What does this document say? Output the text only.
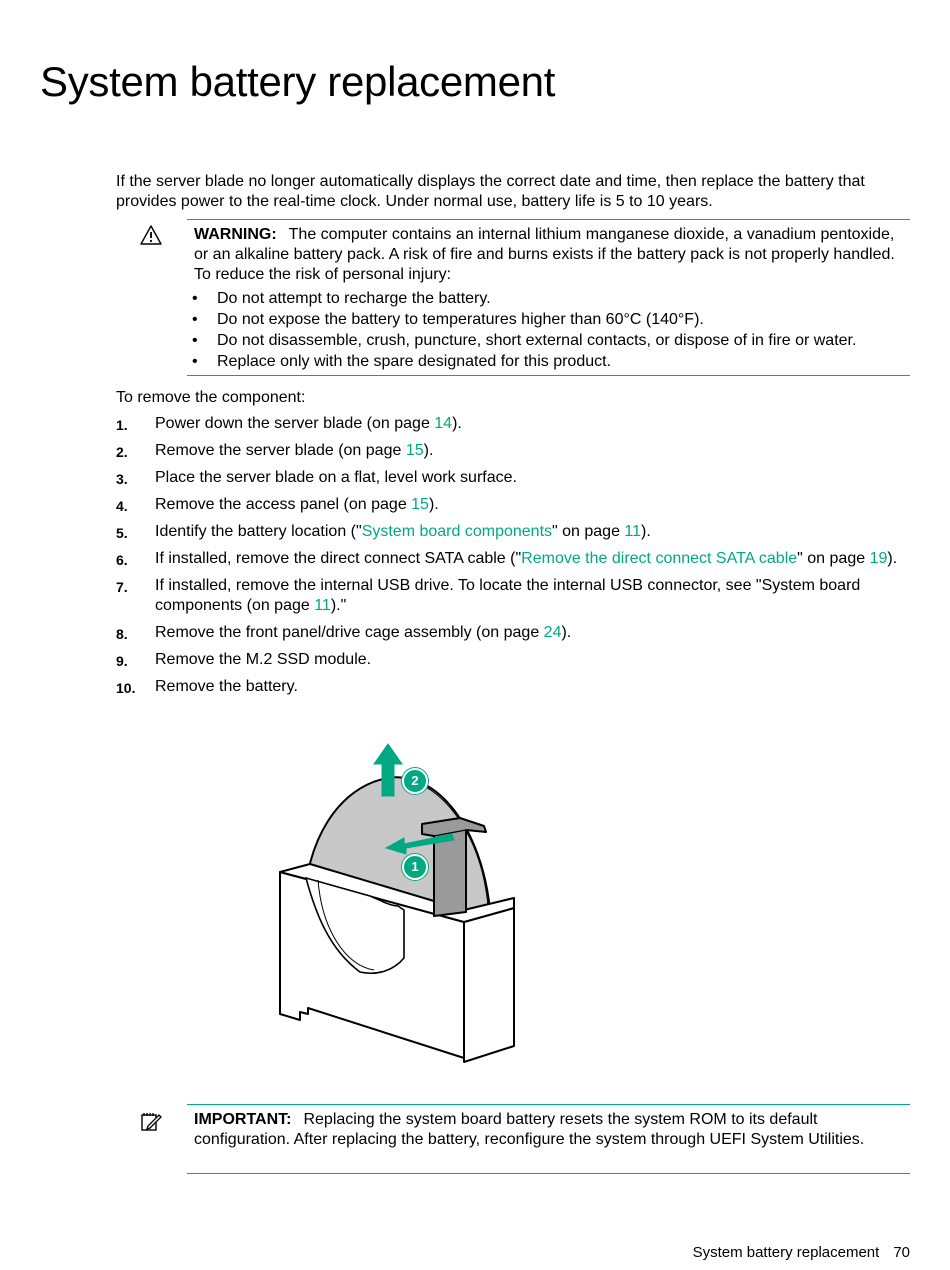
System battery replacement

If the server blade no longer automatically displays the correct date and time, then replace the battery that provides power to the real-time clock. Under normal use, battery life is 5 to 10 years.

WARNING: The computer contains an internal lithium manganese dioxide, a vanadium pentoxide, or an alkaline battery pack. A risk of fire and burns exists if the battery pack is not properly handled. To reduce the risk of personal injury:
• Do not attempt to recharge the battery.
• Do not expose the battery to temperatures higher than 60°C (140°F).
• Do not disassemble, crush, puncture, short external contacts, or dispose of in fire or water.
• Replace only with the spare designated for this product.

To remove the component:

1. Power down the server blade (on page 14).
2. Remove the server blade (on page 15).
3. Place the server blade on a flat, level work surface.
4. Remove the access panel (on page 15).
5. Identify the battery location ("System board components" on page 11).
6. If installed, remove the direct connect SATA cable ("Remove the direct connect SATA cable" on page 19).
7. If installed, remove the internal USB drive. To locate the internal USB connector, see "System board components (on page 11)."
8. Remove the front panel/drive cage assembly (on page 24).
9. Remove the M.2 SSD module.
10. Remove the battery.
2
1
IMPORTANT: Replacing the system board battery resets the system ROM to its default configuration. After replacing the battery, reconfigure the system through UEFI System Utilities.
System battery replacement 70
